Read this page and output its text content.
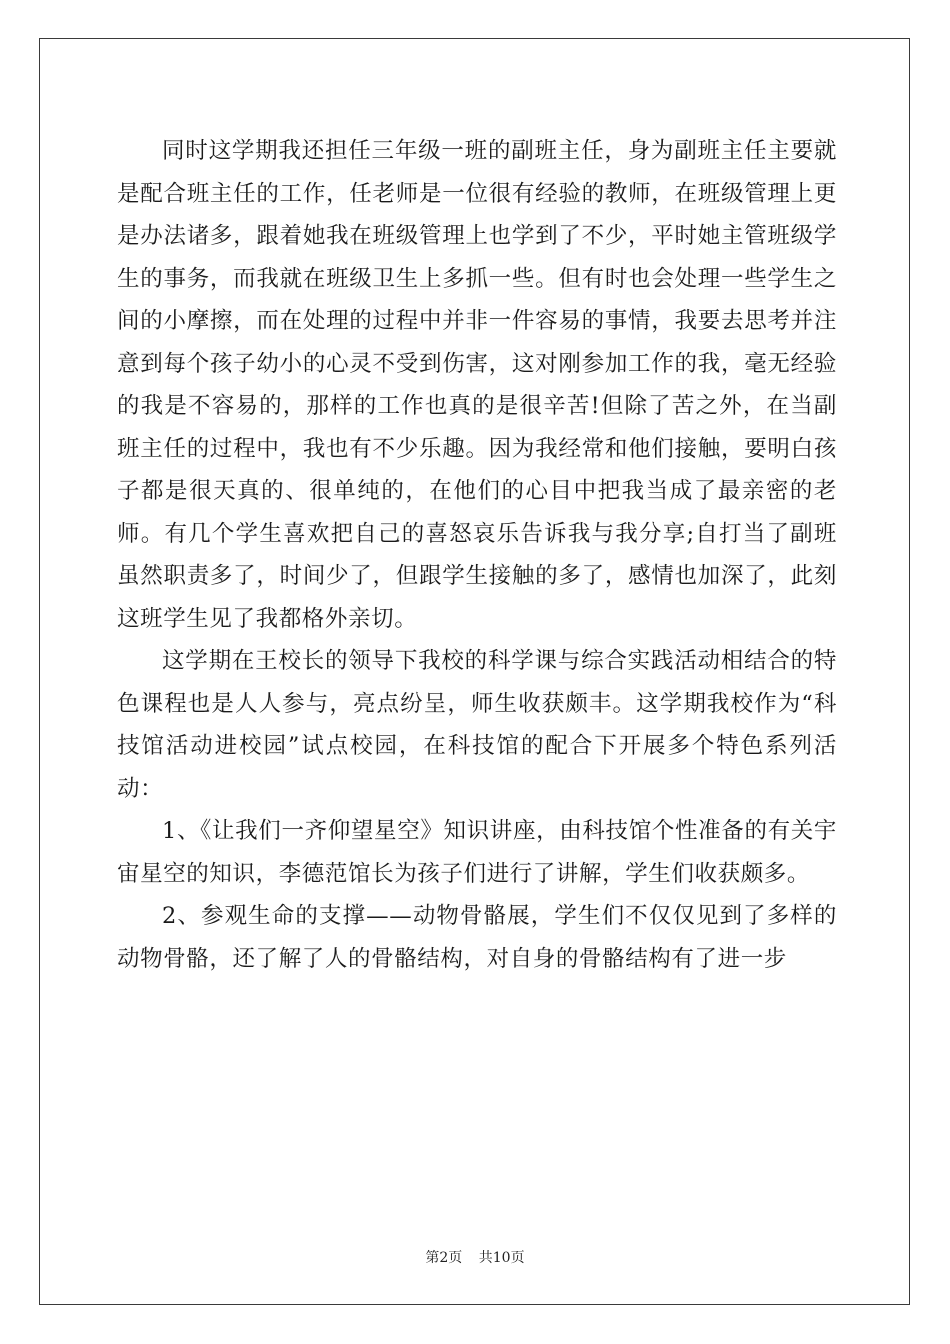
同时这学期我还担任三年级一班的副班主任，身为副班主任主要就是配合班主任的工作，任老师是一位很有经验的教师，在班级管理上更是办法诸多，跟着她我在班级管理上也学到了不少，平时她主管班级学生的事务，而我就在班级卫生上多抓一些。但有时也会处理一些学生之间的小摩擦，而在处理的过程中并非一件容易的事情，我要去思考并注意到每个孩子幼小的心灵不受到伤害，这对刚参加工作的我，毫无经验的我是不容易的，那样的工作也真的是很辛苦!但除了苦之外，在当副班主任的过程中，我也有不少乐趣。因为我经常和他们接触，要明白孩子都是很天真的、很单纯的，在他们的心目中把我当成了最亲密的老师。有几个学生喜欢把自己的喜怒哀乐告诉我与我分享;自打当了副班虽然职责多了，时间少了，但跟学生接触的多了，感情也加深了，此刻这班学生见了我都格外亲切。

这学期在王校长的领导下我校的科学课与综合实践活动相结合的特色课程也是人人参与，亮点纷呈，师生收获颇丰。这学期我校作为“科技馆活动进校园”试点校园，在科技馆的配合下开展多个特色系列活动：

1、《让我们一齐仰望星空》知识讲座，由科技馆个性准备的有关宇宙星空的知识，李德范馆长为孩子们进行了讲解，学生们收获颇多。

2、参观生命的支撑——动物骨骼展，学生们不仅仅见到了多样的动物骨骼，还了解了人的骨骼结构，对自身的骨骼结构有了进一步

第2页 共10页
